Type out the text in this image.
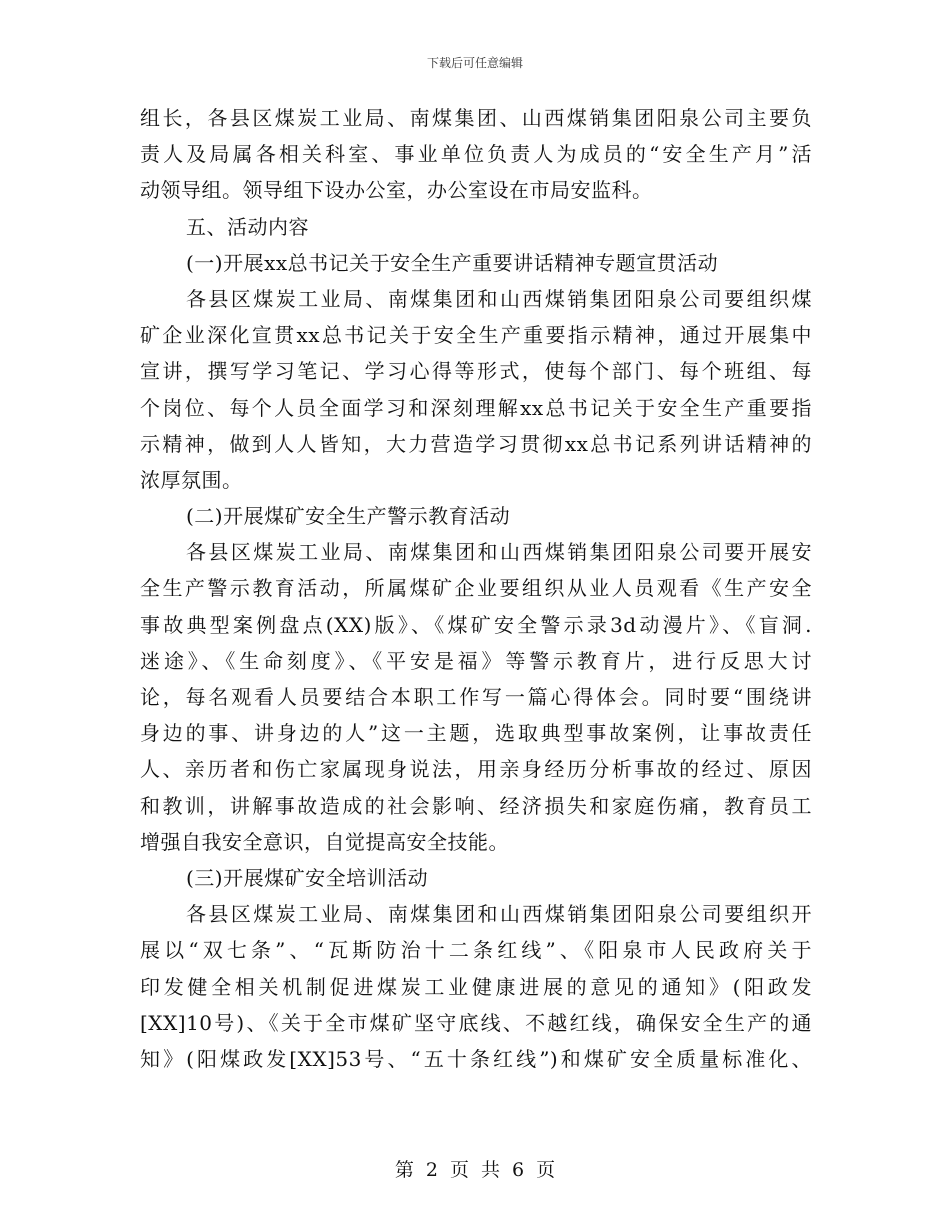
下载后可任意编辑
组长，各县区煤炭工业局、南煤集团、山西煤销集团阳泉公司主要负
责人及局属各相关科室、事业单位负责人为成员的“安全生产月”活
动领导组。领导组下设办公室，办公室设在市局安监科。
五、活动内容
(一)开展xx总书记关于安全生产重要讲话精神专题宣贯活动
各县区煤炭工业局、南煤集团和山西煤销集团阳泉公司要组织煤
矿企业深化宣贯xx总书记关于安全生产重要指示精神，通过开展集中
宣讲，撰写学习笔记、学习心得等形式，使每个部门、每个班组、每
个岗位、每个人员全面学习和深刻理解xx总书记关于安全生产重要指
示精神，做到人人皆知，大力营造学习贯彻xx总书记系列讲话精神的
浓厚氛围。
(二)开展煤矿安全生产警示教育活动
各县区煤炭工业局、南煤集团和山西煤销集团阳泉公司要开展安
全生产警示教育活动，所属煤矿企业要组织从业人员观看《生产安全
事故典型案例盘点(XX)版》、《煤矿安全警示录3d动漫片》、《盲洞.
迷途》、《生命刻度》、《平安是福》等警示教育片，进行反思大讨
论，每名观看人员要结合本职工作写一篇心得体会。同时要“围绕讲
身边的事、讲身边的人”这一主题，选取典型事故案例，让事故责任
人、亲历者和伤亡家属现身说法，用亲身经历分析事故的经过、原因
和教训，讲解事故造成的社会影响、经济损失和家庭伤痛，教育员工
增强自我安全意识，自觉提高安全技能。
(三)开展煤矿安全培训活动
各县区煤炭工业局、南煤集团和山西煤销集团阳泉公司要组织开
展以“双七条”、“瓦斯防治十二条红线”、《阳泉市人民政府关于
印发健全相关机制促进煤炭工业健康进展的意见的通知》(阳政发
[XX]10号)、《关于全市煤矿坚守底线、不越红线，确保安全生产的通
知》(阳煤政发[XX]53号、“五十条红线”)和煤矿安全质量标准化、
第 2 页 共 6 页
